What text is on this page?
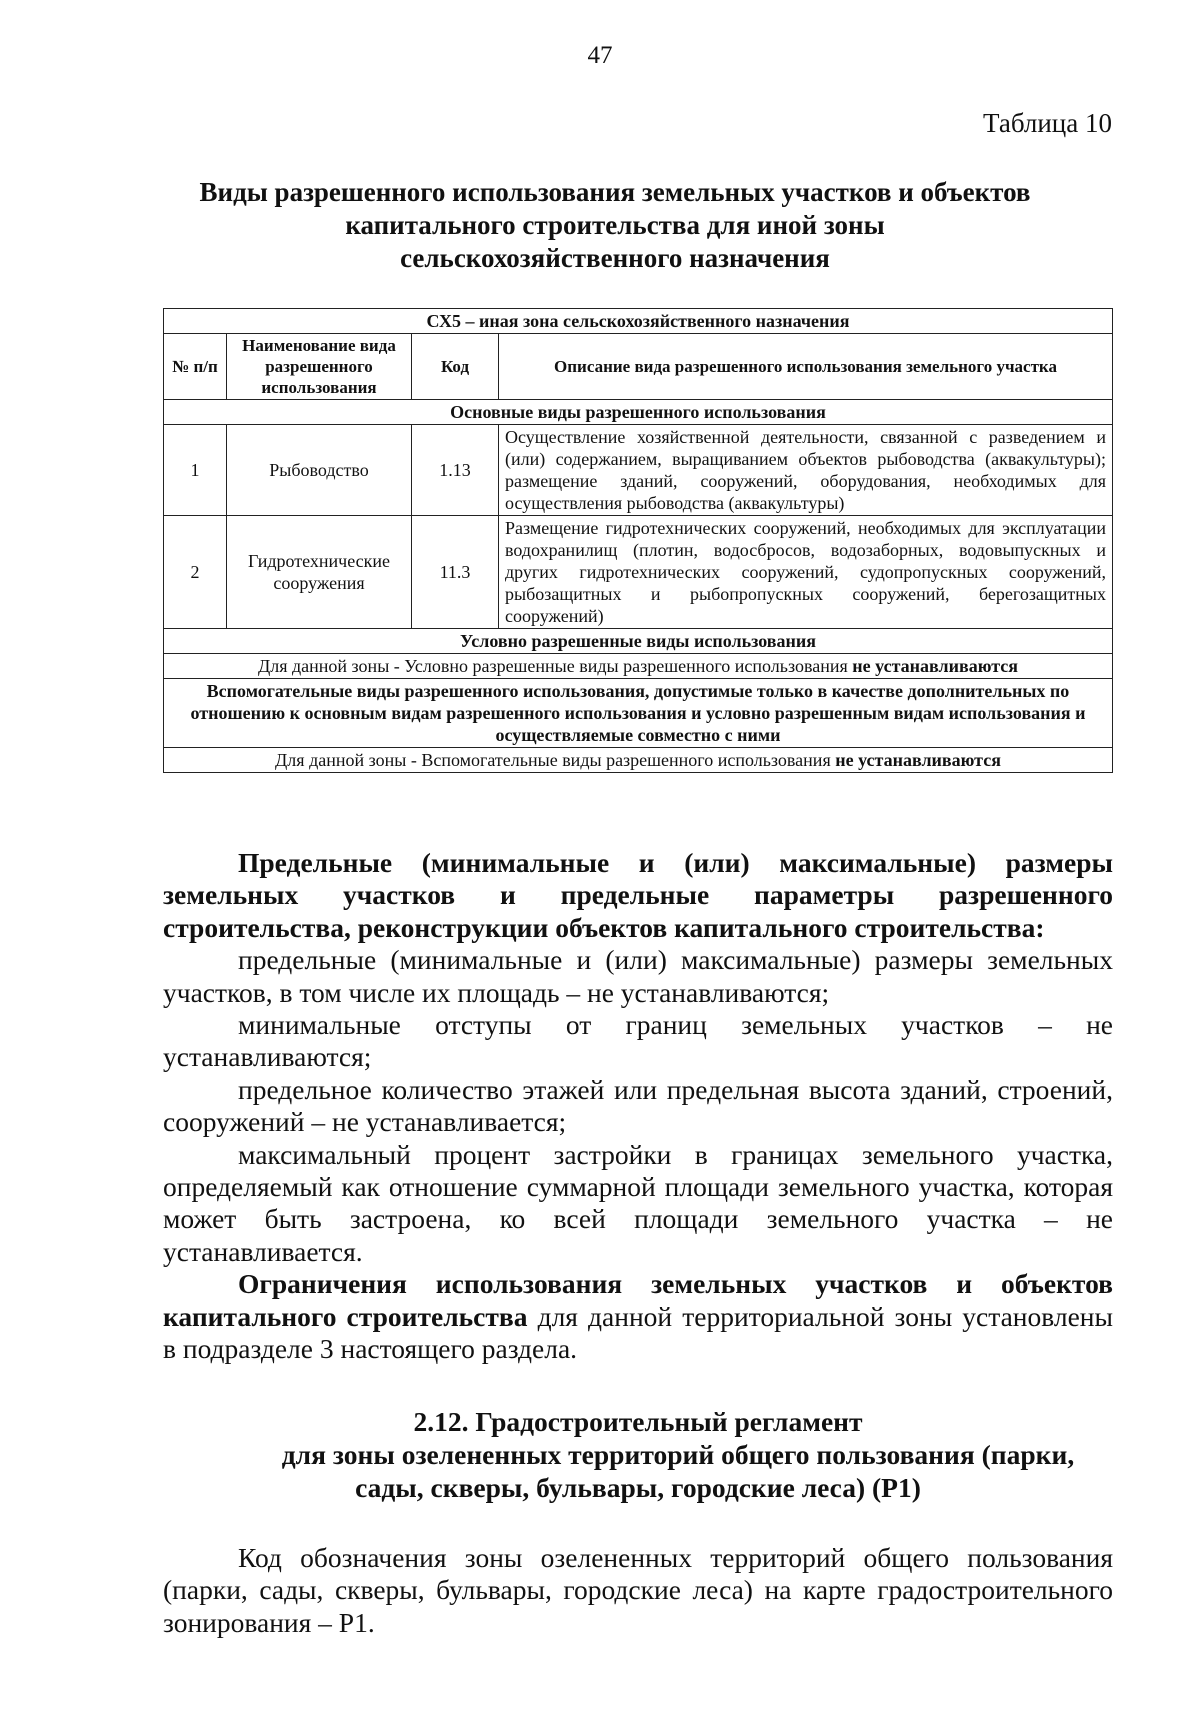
47
Таблица 10
Виды разрешенного использования земельных участков и объектов
капитального строительства для иной зоны
сельскохозяйственного назначения
СХ5 – иная зона сельскохозяйственного назначения			
№ п/п	Наименование вида разрешенного использования	Код	Описание вида разрешенного использования земельного участка
Основные виды разрешенного использования			
1	Рыбоводство	1.13	Осуществление хозяйственной деятельности, связанной с разведением и (или) содержанием, выращиванием объектов рыбоводства (аквакультуры); размещение зданий, сооружений, оборудования, необходимых для осуществления рыбоводства (аквакультуры)
2	Гидротехнические сооружения	11.3	Размещение гидротехнических сооружений, необходимых для эксплуатации водохранилищ (плотин, водосбросов, водозаборных, водовыпускных и других гидротехнических сооружений, судопропускных сооружений, рыбозащитных и рыбопропускных сооружений, берегозащитных сооружений)
Условно разрешенные виды использования			
Для данной зоны - Условно разрешенные виды разрешенного использования не устанавливаются			
Вспомогательные виды разрешенного использования, допустимые только в качестве дополнительных по отношению к основным видам разрешенного использования и условно разрешенным видам использования и осуществляемые совместно с ними			
Для данной зоны - Вспомогательные виды разрешенного использования не устанавливаются			

Предельные (минимальные и (или) максимальные) размеры земельных участков и предельные параметры разрешенного строительства, реконструкции объектов капитального строительства:

предельные (минимальные и (или) максимальные) размеры земельных участков, в том числе их площадь – не устанавливаются;

минимальные отступы от границ земельных участков – не устанавливаются;

предельное количество этажей или предельная высота зданий, строений, сооружений – не устанавливается;

максимальный процент застройки в границах земельного участка, определяемый как отношение суммарной площади земельного участка, которая может быть застроена, ко всей площади земельного участка – не устанавливается.

Ограничения использования земельных участков и объектов капитального строительства для данной территориальной зоны установлены в подразделе 3 настоящего раздела.

2.12. Градостроительный регламент
для зоны озелененных территорий общего пользования (парки,
сады, скверы, бульвары, городские леса) (Р1)

Код обозначения зоны озелененных территорий общего пользования (парки, сады, скверы, бульвары, городские леса) на карте градостроительного зонирования – Р1.
